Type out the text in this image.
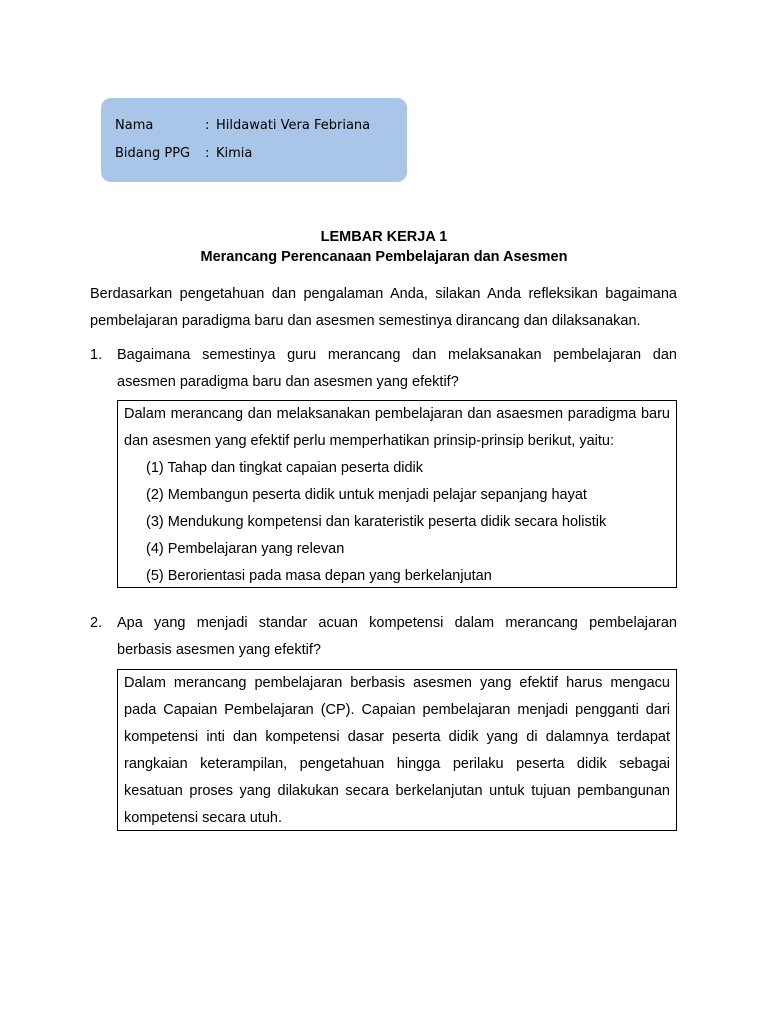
Nama	: Hildawati Vera Febriana
Bidang PPG	: Kimia
LEMBAR KERJA 1
Merancang Perencanaan Pembelajaran dan Asesmen
Berdasarkan pengetahuan dan pengalaman Anda, silakan Anda refleksikan bagaimana pembelajaran paradigma baru dan asesmen semestinya dirancang dan dilaksanakan.
1. Bagaimana semestinya guru merancang dan melaksanakan pembelajaran dan asesmen paradigma baru dan asesmen yang efektif?
Dalam merancang dan melaksanakan pembelajaran dan asaesmen paradigma baru dan asesmen yang efektif perlu memperhatikan prinsip-prinsip berikut, yaitu:
(1) Tahap dan tingkat capaian peserta didik
(2) Membangun peserta didik untuk menjadi pelajar sepanjang hayat
(3) Mendukung kompetensi dan karateristik peserta didik secara holistik
(4) Pembelajaran yang relevan
(5) Berorientasi pada masa depan yang berkelanjutan
2. Apa yang menjadi standar acuan kompetensi dalam merancang pembelajaran berbasis asesmen yang efektif?
Dalam merancang pembelajaran berbasis asesmen yang efektif harus mengacu pada Capaian Pembelajaran (CP). Capaian pembelajaran menjadi pengganti dari kompetensi inti dan kompetensi dasar peserta didik yang di dalamnya terdapat rangkaian keterampilan, pengetahuan hingga perilaku peserta didik sebagai kesatuan proses yang dilakukan secara berkelanjutan untuk tujuan pembangunan kompetensi secara utuh.
